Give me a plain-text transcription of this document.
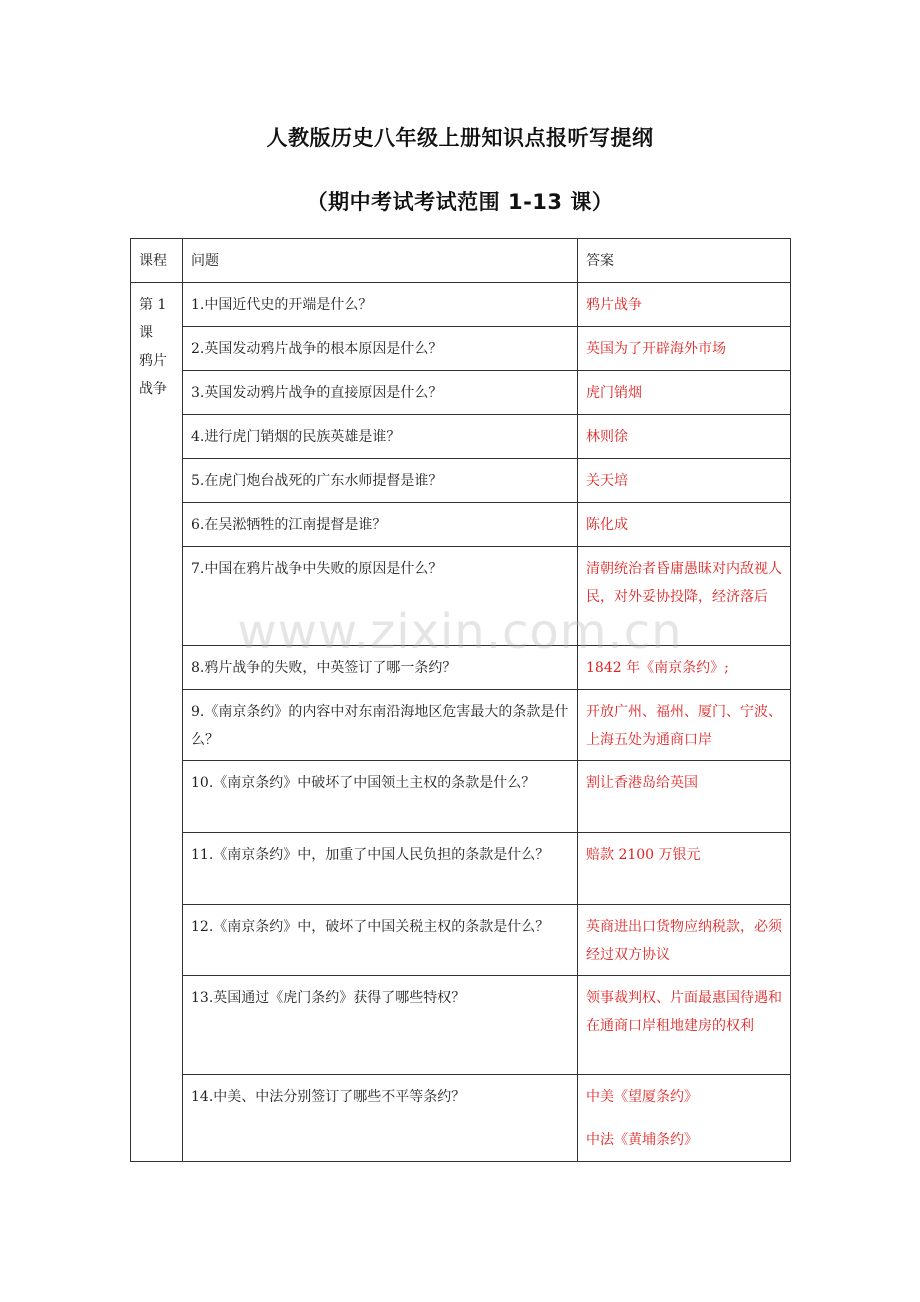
人教版历史八年级上册知识点报听写提纲
（期中考试考试范围 1-13 课）
课程	问题	答案

第 1
课
鸦片
战争	1.中国近代史的开端是什么？	鸦片战争

	2.英国发动鸦片战争的根本原因是什么？	英国为了开辟海外市场

	3.英国发动鸦片战争的直接原因是什么？	虎门销烟

	4.进行虎门销烟的民族英雄是谁？	林则徐

	5.在虎门炮台战死的广东水师提督是谁？	关天培

	6.在吴淞牺牲的江南提督是谁？	陈化成

	7.中国在鸦片战争中失败的原因是什么？	清朝统治者昏庸愚昧对内敌视人民，对外妥协投降，经济落后

	8.鸦片战争的失败，中英签订了哪一条约？	1842 年《南京条约》;

	9.《南京条约》的内容中对东南沿海地区危害最大的条款是什么？	开放广州、福州、厦门、宁波、上海五处为通商口岸

	10.《南京条约》中破坏了中国领土主权的条款是什么？	割让香港岛给英国

	11.《南京条约》中，加重了中国人民负担的条款是什么？	赔款 2100 万银元

	12.《南京条约》中，破坏了中国关税主权的条款是什么？	英商进出口货物应纳税款，必须经过双方协议

	13.英国通过《虎门条约》获得了哪些特权？	领事裁判权、片面最惠国待遇和在通商口岸租地建房的权利

	14.中美、中法分别签订了哪些不平等条约？	中美《望厦条约》
中法《黄埔条约》
www.zixin.com.cn
